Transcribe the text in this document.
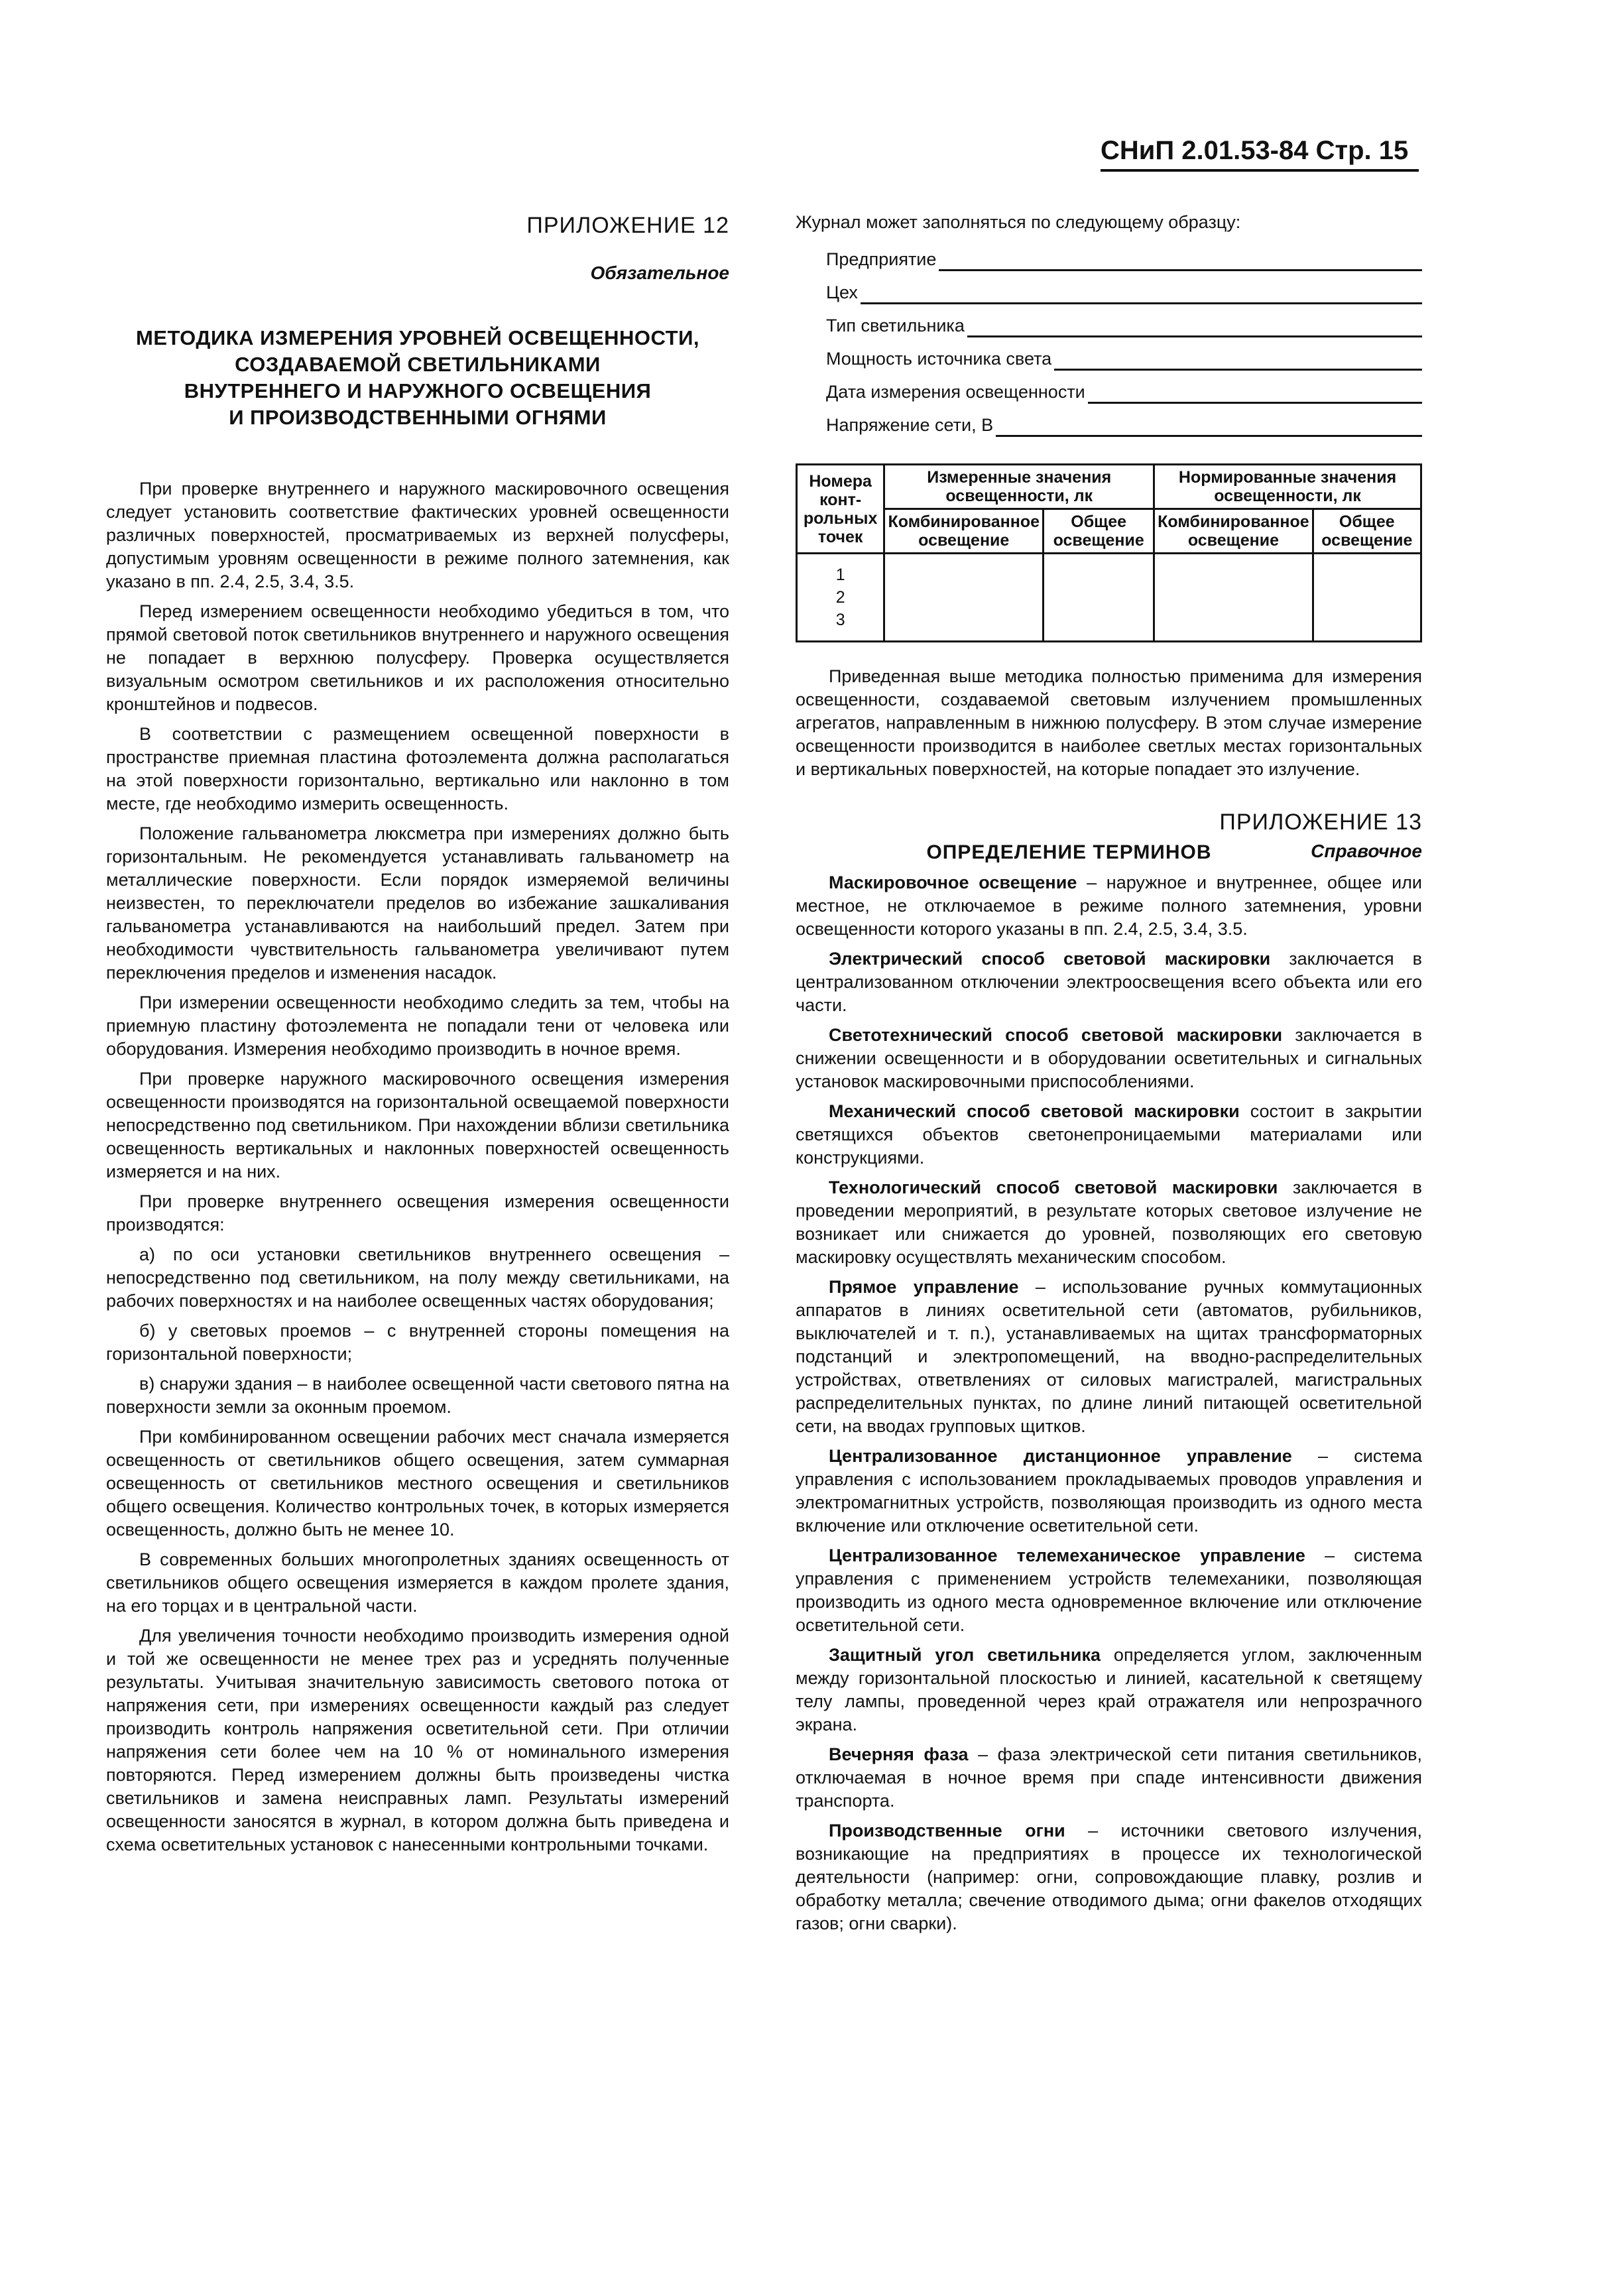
СНиП 2.01.53-84 Стр. 15
ПРИЛОЖЕНИЕ 12
Обязательное
МЕТОДИКА ИЗМЕРЕНИЯ УРОВНЕЙ ОСВЕЩЕННОСТИ,
СОЗДАВАЕМОЙ СВЕТИЛЬНИКАМИ
ВНУТРЕННЕГО И НАРУЖНОГО ОСВЕЩЕНИЯ
И ПРОИЗВОДСТВЕННЫМИ ОГНЯМИ

При проверке внутреннего и наружного маскировочного освещения следует установить соответствие фактических уровней освещенности различных поверхностей, просматриваемых из верхней полусферы, допустимым уровням освещенности в режиме полного затемнения, как указано в пп. 2.4, 2.5, 3.4, 3.5.

Перед измерением освещенности необходимо убедиться в том, что прямой световой поток светильников внутреннего и наружного освещения не попадает в верхнюю полусферу. Проверка осуществляется визуальным осмотром светильников и их расположения относительно кронштейнов и подвесов.

В соответствии с размещением освещенной поверхности в пространстве приемная пластина фотоэлемента должна располагаться на этой поверхности горизонтально, вертикально или наклонно в том месте, где необходимо измерить освещенность.

Положение гальванометра люксметра при измерениях должно быть горизонтальным. Не рекомендуется устанавливать гальванометр на металлические поверхности. Если порядок измеряемой величины неизвестен, то переключатели пределов во избежание зашкаливания гальванометра устанавливаются на наибольший предел. Затем при необходимости чувствительность гальванометра увеличивают путем переключения пределов и изменения насадок.

При измерении освещенности необходимо следить за тем, чтобы на приемную пластину фотоэлемента не попадали тени от человека или оборудования. Измерения необходимо производить в ночное время.

При проверке наружного маскировочного освещения измерения освещенности производятся на горизонтальной освещаемой поверхности непосредственно под светильником. При нахождении вблизи светильника освещенность вертикальных и наклонных поверхностей освещенность измеряется и на них.

При проверке внутреннего освещения измерения освещенности производятся:

а) по оси установки светильников внутреннего освещения – непосредственно под светильником, на полу между светильниками, на рабочих поверхностях и на наиболее освещенных частях оборудования;

б) у световых проемов – с внутренней стороны помещения на горизонтальной поверхности;

в) снаружи здания – в наиболее освещенной части светового пятна на поверхности земли за оконным проемом.

При комбинированном освещении рабочих мест сначала измеряется освещенность от светильников общего освещения, затем суммарная освещенность от светильников местного освещения и светильников общего освещения. Количество контрольных точек, в которых измеряется освещенность, должно быть не менее 10.

В современных больших многопролетных зданиях освещенность от светильников общего освещения измеряется в каждом пролете здания, на его торцах и в центральной части.

Для увеличения точности необходимо производить измерения одной и той же освещенности не менее трех раз и усреднять полученные результаты. Учитывая значительную зависимость светового потока от напряжения сети, при измерениях освещенности каждый раз следует производить контроль напряжения осветительной сети. При отличии напряжения сети более чем на 10 % от номинального измерения повторяются. Перед измерением должны быть произведены чистка светильников и замена неисправных ламп. Результаты измерений освещенности заносятся в журнал, в котором должна быть приведена и схема осветительных установок с нанесенными контрольными точками.

Журнал может заполняться по следующему образцу:

Предприятие
Цех
Тип светильника
Мощность источника света
Дата измерения освещенности
Напряжение сети, В
Номера конт-рольных точек	Измеренные значения освещенности, лк		Нормированные значения освещенности, лк	
	Комбинированное освещение	Общее освещение	Комбинированное освещение	Общее освещение

1
2
3				

Приведенная выше методика полностью применима для измерения освещенности, создаваемой световым излучением промышленных агрегатов, направленным в нижнюю полусферу. В этом случае измерение освещенности производится в наиболее светлых местах горизонтальных и вертикальных поверхностей, на которые попадает это излучение.

ПРИЛОЖЕНИЕ 13
Справочное
ОПРЕДЕЛЕНИЕ ТЕРМИНОВ

Маскировочное освещение – наружное и внутреннее, общее или местное, не отключаемое в режиме полного затемнения, уровни освещенности которого указаны в пп. 2.4, 2.5, 3.4, 3.5.

Электрический способ световой маскировки заключается в централизованном отключении электроосвещения всего объекта или его части.

Светотехнический способ световой маскировки заключается в снижении освещенности и в оборудовании осветительных и сигнальных установок маскировочными приспособлениями.

Механический способ световой маскировки состоит в закрытии светящихся объектов светонепроницаемыми материалами или конструкциями.

Технологический способ световой маскировки заключается в проведении мероприятий, в результате которых световое излучение не возникает или снижается до уровней, позволяющих его световую маскировку осуществлять механическим способом.

Прямое управление – использование ручных коммутационных аппаратов в линиях осветительной сети (автоматов, рубильников, выключателей и т. п.), устанавливаемых на щитах трансформаторных подстанций и электропомещений, на вводно-распределительных устройствах, ответвлениях от силовых магистралей, магистральных распределительных пунктах, по длине линий питающей осветительной сети, на вводах групповых щитков.

Централизованное дистанционное управление – система управления с использованием прокладываемых проводов управления и электромагнитных устройств, позволяющая производить из одного места включение или отключение осветительной сети.

Централизованное телемеханическое управление – система управления с применением устройств телемеханики, позволяющая производить из одного места одновременное включение или отключение осветительной сети.

Защитный угол светильника определяется углом, заключенным между горизонтальной плоскостью и линией, касательной к светящему телу лампы, проведенной через край отражателя или непрозрачного экрана.

Вечерняя фаза – фаза электрической сети питания светильников, отключаемая в ночное время при спаде интенсивности движения транспорта.

Производственные огни – источники светового излучения, возникающие на предприятиях в процессе их технологической деятельности (например: огни, сопровождающие плавку, розлив и обработку металла; свечение отводимого дыма; огни факелов отходящих газов; огни сварки).
